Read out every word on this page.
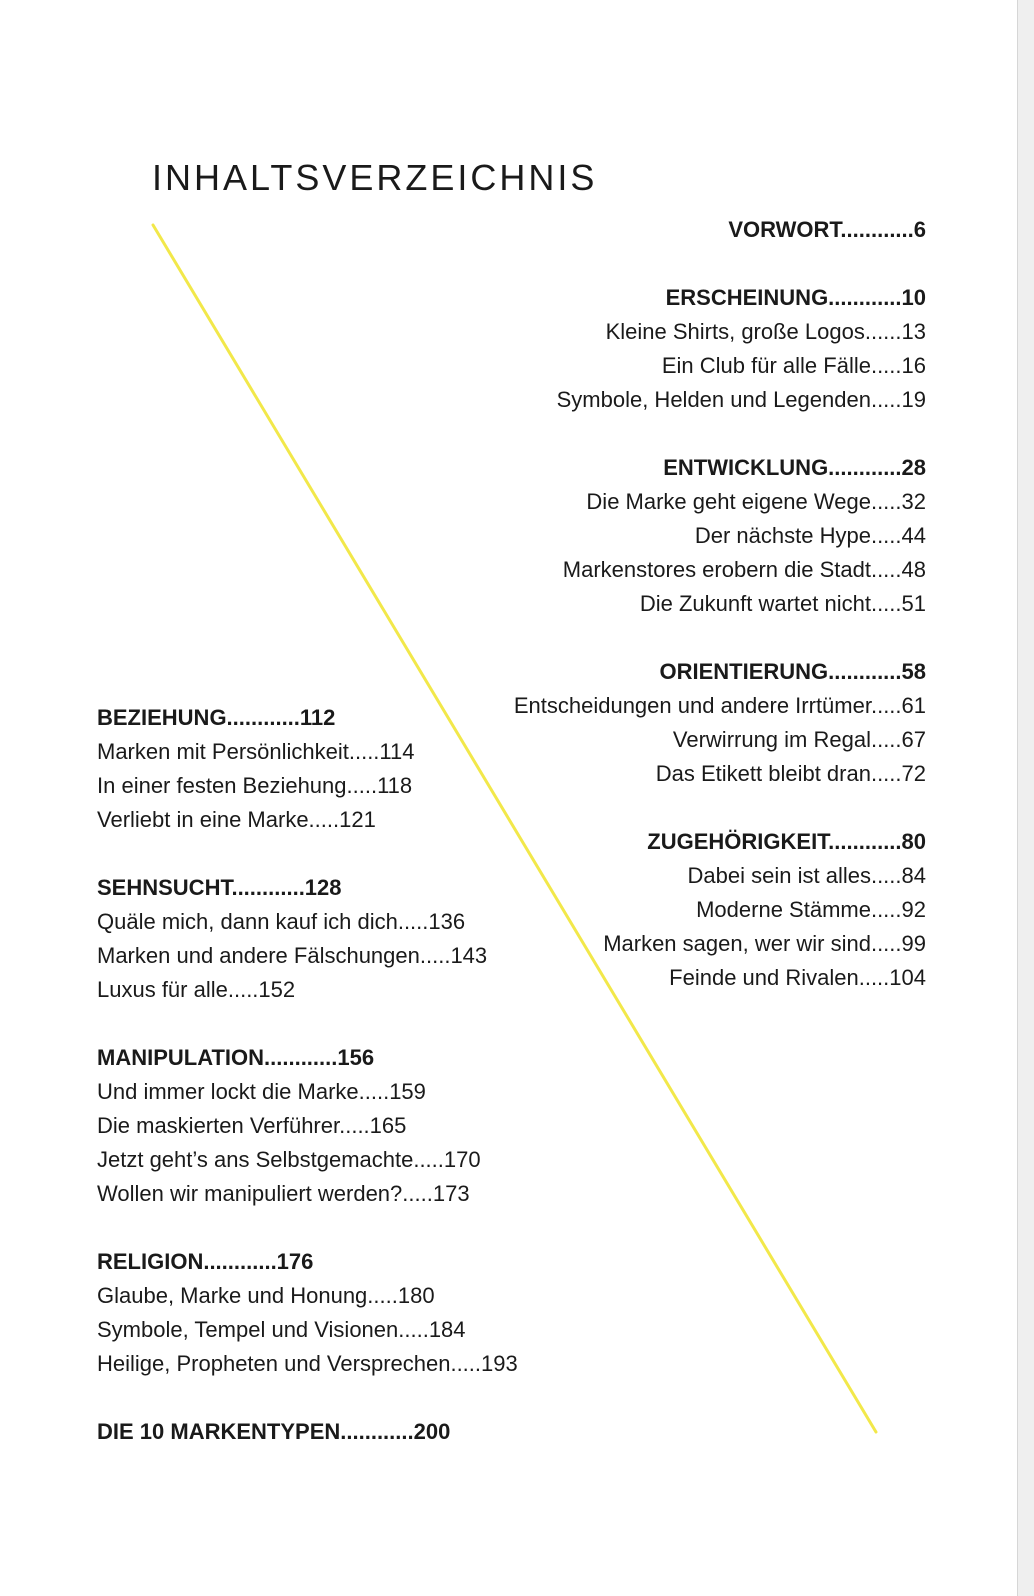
INHALTSVERZEICHNIS
VORWORT............6
ERSCHEINUNG............10
Kleine Shirts, große Logos......13
Ein Club für alle Fälle.....16
Symbole, Helden und Legenden.....19
ENTWICKLUNG............28
Die Marke geht eigene Wege.....32
Der nächste Hype.....44
Markenstores erobern die Stadt.....48
Die Zukunft wartet nicht.....51
ORIENTIERUNG............58
Entscheidungen und andere Irrtümer.....61
Verwirrung im Regal.....67
Das Etikett bleibt dran.....72
ZUGEHÖRIGKEIT............80
Dabei sein ist alles.....84
Moderne Stämme.....92
Marken sagen, wer wir sind.....99
Feinde und Rivalen.....104
BEZIEHUNG............112
Marken mit Persönlichkeit.....114
In einer festen Beziehung.....118
Verliebt in eine Marke.....121
SEHNSUCHT............128
Quäle mich, dann kauf ich dich.....136
Marken und andere Fälschungen.....143
Luxus für alle.....152
MANIPULATION............156
Und immer lockt die Marke.....159
Die maskierten Verführer.....165
Jetzt geht’s ans Selbstgemachte.....170
Wollen wir manipuliert werden?.....173
RELIGION............176
Glaube, Marke und Honung.....180
Symbole, Tempel und Visionen.....184
Heilige, Propheten und Versprechen.....193
DIE 10 MARKENTYPEN............200
